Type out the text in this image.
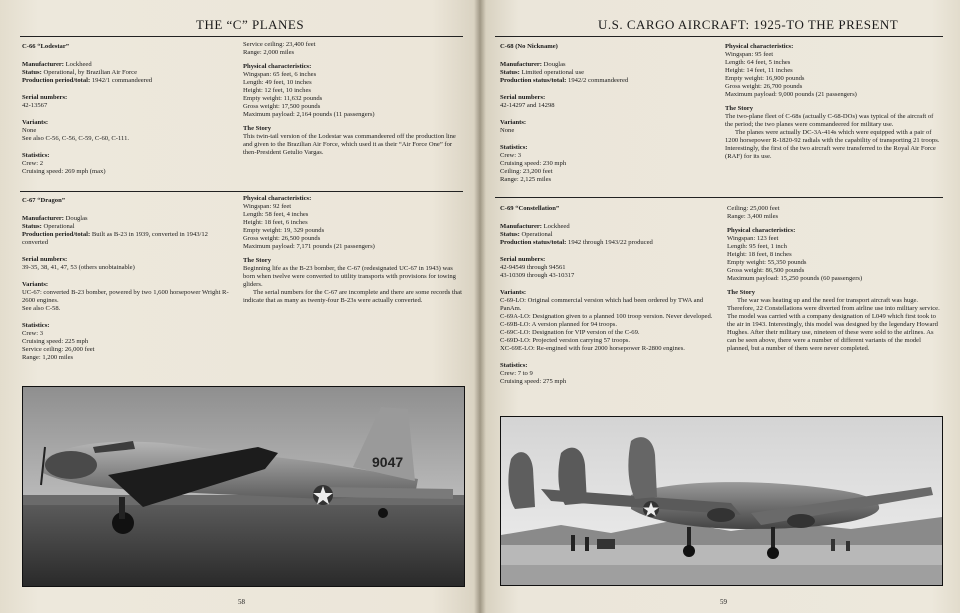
THE “C” PLANES

C-66 “Lodestar”

Manufacturer: Lockheed

Status: Operational, by Brazilian Air Force

Production period/total: 1942/1 commandeered

Serial numbers:

42-13567

Variants:

None

See also C-56, C-56, C-59, C-60, C-111.

Statistics:

Crew: 2

Cruising speed: 269 mph (max)

Service ceiling: 23,400 feet

Range: 2,000 miles

Physical characteristics:

Wingspan: 65 feet, 6 inches

Length: 49 feet, 10 inches

Height: 12 feet, 10 inches

Empty weight: 11,632 pounds

Gross weight: 17,500 pounds

Maximum payload: 2,164 pounds (11 passengers)

The Story

This twin-tail version of the Lodestar was commandeered off the production line and given to the Brazilian Air Force, which used it as their “Air Force One” for then-President Getulio Vargas.

C-67 “Dragon”

Manufacturer: Douglas

Status: Operational

Production period/total: Built as B-23 in 1939, converted in 1943/12 converted

Serial numbers:

39-35, 38, 41, 47, 53 (others unobtainable)

Variants:

UC-67: converted B-23 bomber, powered by two 1,600 horsepower Wright R-2600 engines.

See also C-58.

Statistics:

Crew: 3

Cruising speed: 225 mph

Service ceiling: 26,000 feet

Range: 1,200 miles

Physical characteristics:

Wingspan: 92 feet

Length: 58 feet, 4 inches

Height: 18 feet, 6 inches

Empty weight: 19, 329 pounds

Gross weight: 26,500 pounds

Maximum payload: 7,171 pounds (21 passengers)

The Story

Beginning life as the B-23 bomber, the C-67 (redesignated UC-67 in 1943) was born when twelve were converted to utility transports with provisions for towing gliders.

The serial numbers for the C-67 are incomplete and there are some records that indicate that as many as twenty-four B-23s were actually converted.

9047
58
U.S. CARGO AIRCRAFT: 1925-TO THE PRESENT

C-68 (No Nickname)

Manufacturer: Douglas

Status: Limited operational use

Production status/total: 1942/2 commandeered

Serial numbers:

42-14297 and 14298

Variants:

None

Statistics:

Crew: 3

Cruising speed: 230 mph

Ceiling: 23,200 feet

Range: 2,125 miles

Physical characteristics:

Wingspan: 95 feet

Length: 64 feet, 5 inches

Height: 14 feet, 11 inches

Empty weight: 16,900 pounds

Gross weight: 26,700 pounds

Maximum payload: 9,000 pounds (21 passengers)

The Story

The two-plane fleet of C-68s (actually C-68-DOs) was typical of the aircraft of the period; the two planes were commandeered for military use.

The planes were actually DC-3A-414s which were equipped with a pair of 1200 horsepower R-1820-92 radials with the capability of transporting 21 troops. Interestingly, the first of the two aircraft were transferred to the Royal Air Force (RAF) for its use.

C-69 “Constellation”

Manufacturer: Lockheed

Status: Operational

Production status/total: 1942 through 1943/22 produced

Serial numbers:

42-94549 through 94561

43-10309 through 43-10317

Variants:

C-69-LO: Original commercial version which had been ordered by TWA and PanAm.

C-69A-LO: Designation given to a planned 100 troop version. Never developed.

C-69B-LO: A version planned for 94 troops.

C-69C-LO: Designation for VIP version of the C-69.

C-69D-LO: Projected version carrying 57 troops.

XC-69E-LO: Re-engined with four 2000 horsepower R-2800 engines.

Statistics:

Crew: 7 to 9

Cruising speed: 275 mph

Ceiling: 25,000 feet

Range: 3,400 miles

Physical characteristics:

Wingspan: 123 feet

Length: 95 feet, 1 inch

Height: 18 feet, 8 inches

Empty weight: 55,350 pounds

Gross weight: 86,500 pounds

Maximum payload: 15,250 pounds (60 passengers)

The Story

The war was heating up and the need for transport aircraft was huge. Therefore, 22 Constellations were diverted from airline use into military service. The model was carried with a company designation of L049 which first took to the air in 1943. Interestingly, this model was designed by the legendary Howard Hughes. After their military use, nineteen of these were sold to the airlines. As can be seen above, there were a number of different variants of the model planned, but a number of them were never completed.

59
